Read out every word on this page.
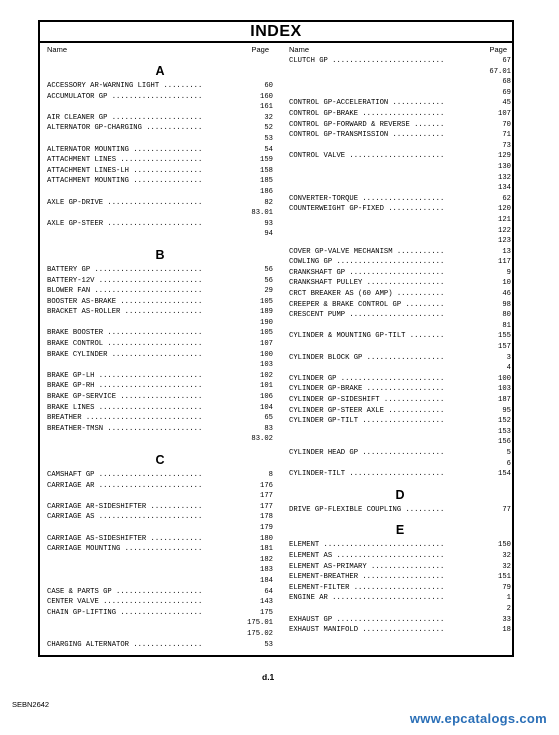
INDEX
Name	Page
A
ACCESSORY AR-WARNING LIGHT .........	60
ACCUMULATOR GP .....................	160
161
AIR CLEANER GP .....................	32
ALTERNATOR GP-CHARGING .............	52
53
ALTERNATOR MOUNTING ................	54
ATTACHMENT LINES ...................	159
ATTACHMENT LINES-LH ................	158
ATTACHMENT MOUNTING ................	185
186
AXLE GP-DRIVE ......................	82
83.01
AXLE GP-STEER ......................	93
94
B
BATTERY GP .........................	56
BATTERY-12V ........................	56
BLOWER FAN .........................	29
BOOSTER AS-BRAKE ...................	105
BRACKET AS-ROLLER ..................	189
190
BRAKE BOOSTER ......................	105
BRAKE CONTROL ......................	107
BRAKE CYLINDER .....................	100
103
BRAKE GP-LH ........................	102
BRAKE GP-RH ........................	101
BRAKE GP-SERVICE ...................	106
BRAKE LINES ........................	104
BREATHER ...........................	65
BREATHER-TMSN ......................	83
83.02
C
CAMSHAFT GP ........................	8
CARRIAGE AR ........................	176
177
CARRIAGE AR-SIDESHIFTER ............	177
CARRIAGE AS ........................	178
179
CARRIAGE AS-SIDESHIFTER ............	180
CARRIAGE MOUNTING ..................	181
182
183
184
CASE & PARTS GP ....................	64
CENTER VALVE .......................	143
CHAIN GP-LIFTING ...................	175
175.01
175.02
CHARGING ALTERNATOR ................	53
Name	Page
CLUTCH GP ..........................	67
67.01
68
69
CONTROL GP-ACCELERATION ............	45
CONTROL GP-BRAKE ...................	107
CONTROL GP-FORWARD & REVERSE .......	70
CONTROL GP-TRANSMISSION ............	71
73
CONTROL VALVE ......................	129
130
132
134
CONVERTER-TORQUE ...................	62
COUNTERWEIGHT GP-FIXED .............	120
121
122
123
COVER GP-VALVE MECHANISM ...........	13
COWLING GP .........................	117
CRANKSHAFT GP ......................	9
CRANKSHAFT PULLEY ..................	10
CRCT BREAKER AS (60 AMP) ...........	46
CREEPER & BRAKE CONTROL GP .........	98
CRESCENT PUMP ......................	80
81
CYLINDER & MOUNTING GP-TILT ........	155
157
CYLINDER BLOCK GP ..................	3
4
CYLINDER GP ........................	100
CYLINDER GP-BRAKE ..................	103
CYLINDER GP-SIDESHIFT ..............	187
CYLINDER GP-STEER AXLE .............	95
CYLINDER GP-TILT ...................	152
153
156
CYLINDER HEAD GP ...................	5
6
CYLINDER-TILT ......................	154
D
DRIVE GP-FLEXIBLE COUPLING .........	77
E
ELEMENT ............................	150
ELEMENT AS .........................	32
ELEMENT AS-PRIMARY .................	32
ELEMENT-BREATHER ...................	151
ELEMENT-FILTER .....................	79
ENGINE AR ..........................	1
2
EXHAUST GP .........................	33
EXHAUST MANIFOLD ...................	18
d.1
SEBN2642
www.epcatalogs.com
